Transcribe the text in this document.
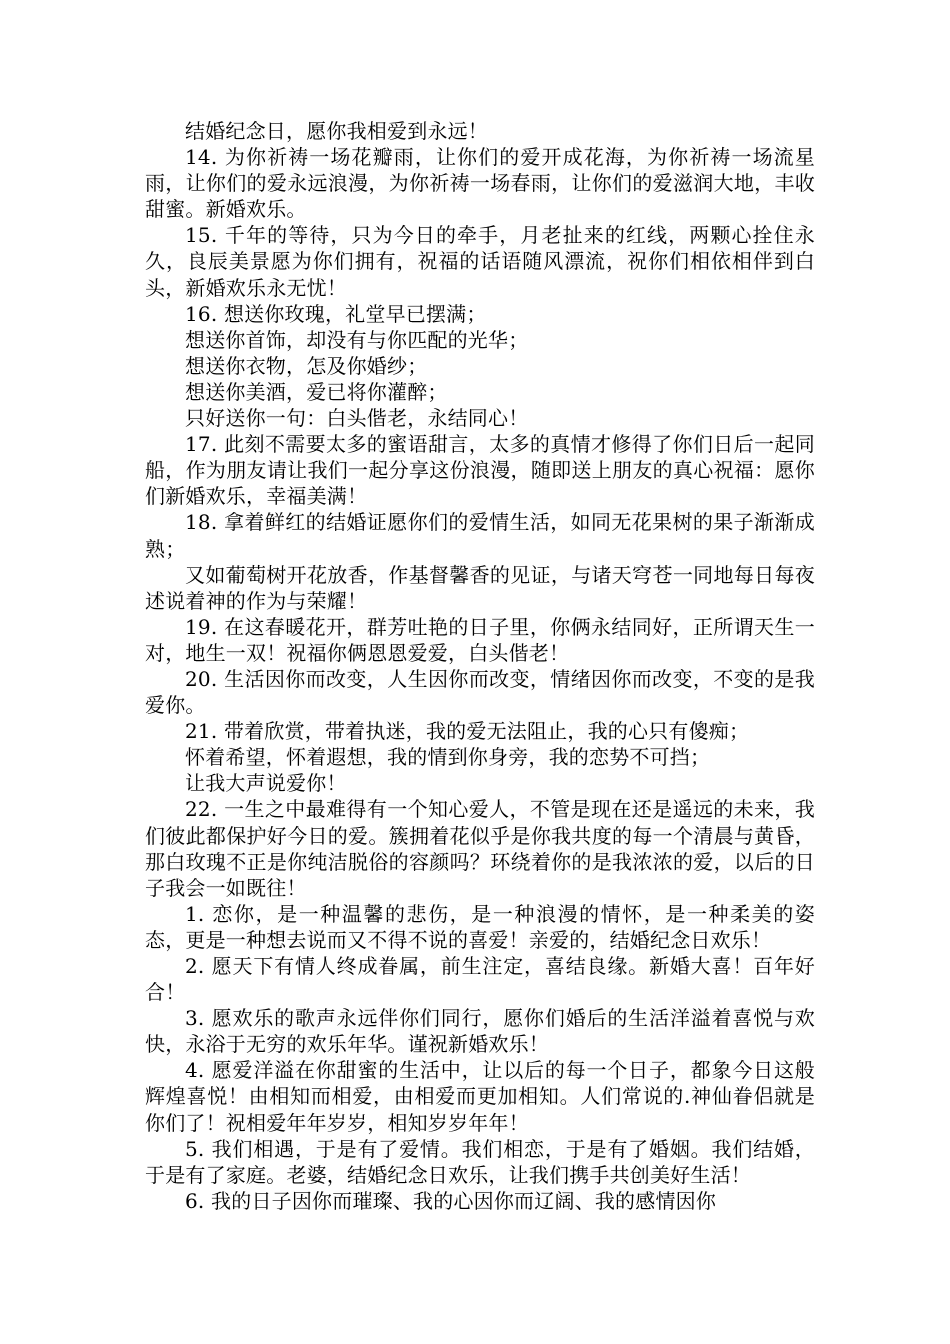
结婚纪念日，愿你我相爱到永远！

14. 为你祈祷一场花瓣雨，让你们的爱开成花海，为你祈祷一场流星雨，让你们的爱永远浪漫，为你祈祷一场春雨，让你们的爱滋润大地，丰收甜蜜。新婚欢乐。

15. 千年的等待，只为今日的牵手，月老扯来的红线，两颗心拴住永久，良辰美景愿为你们拥有，祝福的话语随风漂流，祝你们相依相伴到白头，新婚欢乐永无忧！

16. 想送你玫瑰，礼堂早已摆满；

想送你首饰，却没有与你匹配的光华；

想送你衣物，怎及你婚纱；

想送你美酒，爱已将你灌醉；

只好送你一句：白头偕老，永结同心！

17. 此刻不需要太多的蜜语甜言，太多的真情才修得了你们日后一起同船，作为朋友请让我们一起分享这份浪漫，随即送上朋友的真心祝福：愿你们新婚欢乐，幸福美满！

18. 拿着鲜红的结婚证愿你们的爱情生活，如同无花果树的果子渐渐成熟；

又如葡萄树开花放香，作基督馨香的见证，与诸天穹苍一同地每日每夜述说着神的作为与荣耀！

19. 在这春暖花开，群芳吐艳的日子里，你俩永结同好，正所谓天生一对，地生一双！祝福你俩恩恩爱爱，白头偕老！

20. 生活因你而改变，人生因你而改变，情绪因你而改变，不变的是我爱你。

21. 带着欣赏，带着执迷，我的爱无法阻止，我的心只有傻痴；

怀着希望，怀着遐想，我的情到你身旁，我的恋势不可挡；

让我大声说爱你！

22. 一生之中最难得有一个知心爱人，不管是现在还是遥远的未来，我们彼此都保护好今日的爱。簇拥着花似乎是你我共度的每一个清晨与黄昏，那白玫瑰不正是你纯洁脱俗的容颜吗？环绕着你的是我浓浓的爱，以后的日子我会一如既往！

1. 恋你，是一种温馨的悲伤，是一种浪漫的情怀，是一种柔美的姿态，更是一种想去说而又不得不说的喜爱！亲爱的，结婚纪念日欢乐！

2. 愿天下有情人终成眷属，前生注定，喜结良缘。新婚大喜！百年好合！

3. 愿欢乐的歌声永远伴你们同行，愿你们婚后的生活洋溢着喜悦与欢快，永浴于无穷的欢乐年华。谨祝新婚欢乐！

4. 愿爱洋溢在你甜蜜的生活中，让以后的每一个日子，都象今日这般辉煌喜悦！由相知而相爱，由相爱而更加相知。人们常说的.神仙眷侣就是你们了！祝相爱年年岁岁，相知岁岁年年！

5. 我们相遇，于是有了爱情。我们相恋，于是有了婚姻。我们结婚，于是有了家庭。老婆，结婚纪念日欢乐，让我们携手共创美好生活！

6. 我的日子因你而璀璨、我的心因你而辽阔、我的感情因你
